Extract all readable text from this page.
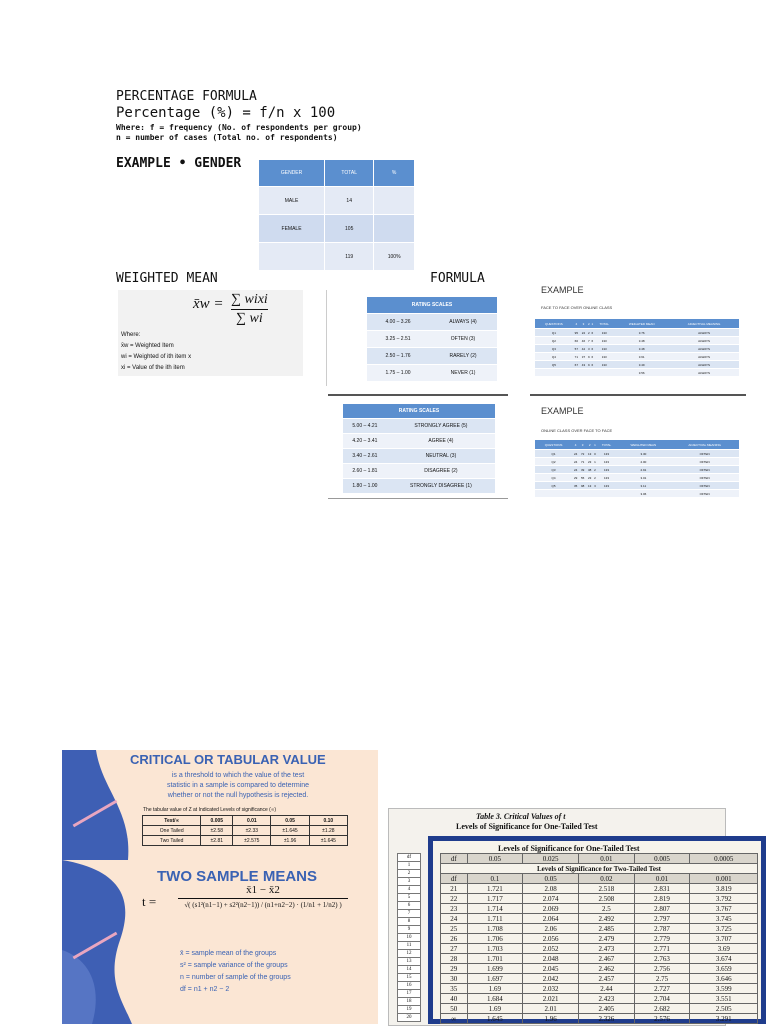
PERCENTAGE FORMULA
Percentage (%) = f/n x 100
Where: f = frequency (No. of respondents per group)
n = number of cases (Total no. of respondents)
EXAMPLE • GENDER
GENDER	TOTAL	%
MALE	14	
FEMALE	105	
	119	100%
WEIGHTED MEAN	FORMULA
x̄w = ∑ wixi
∑ wi
Where:
x̄w = Weighted Item
wi = Weighted of ith item x
xi = Value of the ith item
RATING SCALES	
4.00 – 3.26	ALWAYS (4)
3.25 – 2.51	OFTEN (3)
2.50 – 1.76	RARELY (2)
1.75 – 1.00	NEVER (1)
RATING SCALES	
5.00 – 4.21	STRONGLY AGREE (5)
4.20 – 3.41	AGREE (4)
3.40 – 2.61	NEUTRAL (3)
2.60 – 1.81	DISAGREE (2)
1.80 – 1.00	STRONGLY DISAGREE (1)
EXAMPLE
FACE TO FACE OVER ONLINE CLASS
QUESTIONS	4	3	2	1	TOTAL	WEIGHTED MEAN	ADJECTIVAL MEANING
Q1	95	22	2	6	133	3.76	ALWAYS
Q2	66	46	7	6	133	3.48	ALWAYS
Q3	57	42	3	6	133	3.48	ALWAYS
Q4	71	37	9	6	133	3.61	ALWAYS
Q5	67	43	9	6	133	3.49	ALWAYS
						3.56	ALWAYS
EXAMPLE
ONLINE CLASS OVER FACE TO FACE
QUESTIONS	4	3	2	1	TOTAL	WEIGHTED MEAN	ADJECTIVAL MEANING
Q1	24	72	13	0	133	3.30	OFTEN
Q2	24	71	23	1	133	2.00	OFTEN
Q3	24	39	38	2	133	2.91	OFTEN
Q4	29	55	23	2	133	3.01	OFTEN
Q5	35	98	13	3	133	3.11	OFTEN
						3.06	OFTEN
CRITICAL OR TABULAR VALUE
is a threshold to which the value of the test
statistic in a sample is compared to determine
whether or not the null hypothesis is rejected.
The tabular value of Z at Indicated Levels of significance (∝)
Test/∝	0.005	0.01	0.05	0.10
One Tailed	±2.58	±2.33	±1.645	±1.28
Two Tailed	±2.81	±2.575	±1.96	±1.645
TWO SAMPLE MEANS
t =
x̄1 − x̄2
√( (s1²(n1−1) + s2²(n2−1)) / (n1+n2−2) · (1/n1 + 1/n2) )
x̄ = sample mean of the groups
s² = sample variance of the groups
n = number of sample of the groups
df = n1 + n2 − 2
Table 3. Critical Values of t
Levels of Significance for One-Tailed Test
df
1
2
3
4
5
6
7
8
9
10
11
12
13
14
15
16
17
18
19
20
Levels of Significance for One-Tailed Test
df	0.05	0.025	0.01	0.005	0.0005
Levels of Significance for Two-Tailed Test					
df	0.1	0.05	0.02	0.01	0.001
21	1.721	2.08	2.518	2.831	3.819
22	1.717	2.074	2.508	2.819	3.792
23	1.714	2.069	2.5	2.807	3.767
24	1.711	2.064	2.492	2.797	3.745
25	1.708	2.06	2.485	2.787	3.725
26	1.706	2.056	2.479	2.779	3.707
27	1.703	2.052	2.473	2.771	3.69
28	1.701	2.048	2.467	2.763	3.674
29	1.699	2.045	2.462	2.756	3.659
30	1.697	2.042	2.457	2.75	3.646
35	1.69	2.032	2.44	2.727	3.599
40	1.684	2.021	2.423	2.704	3.551
50	1.69	2.01	2.405	2.682	2.505
∞	1.645	1.96	2.326	2.576	3.291
